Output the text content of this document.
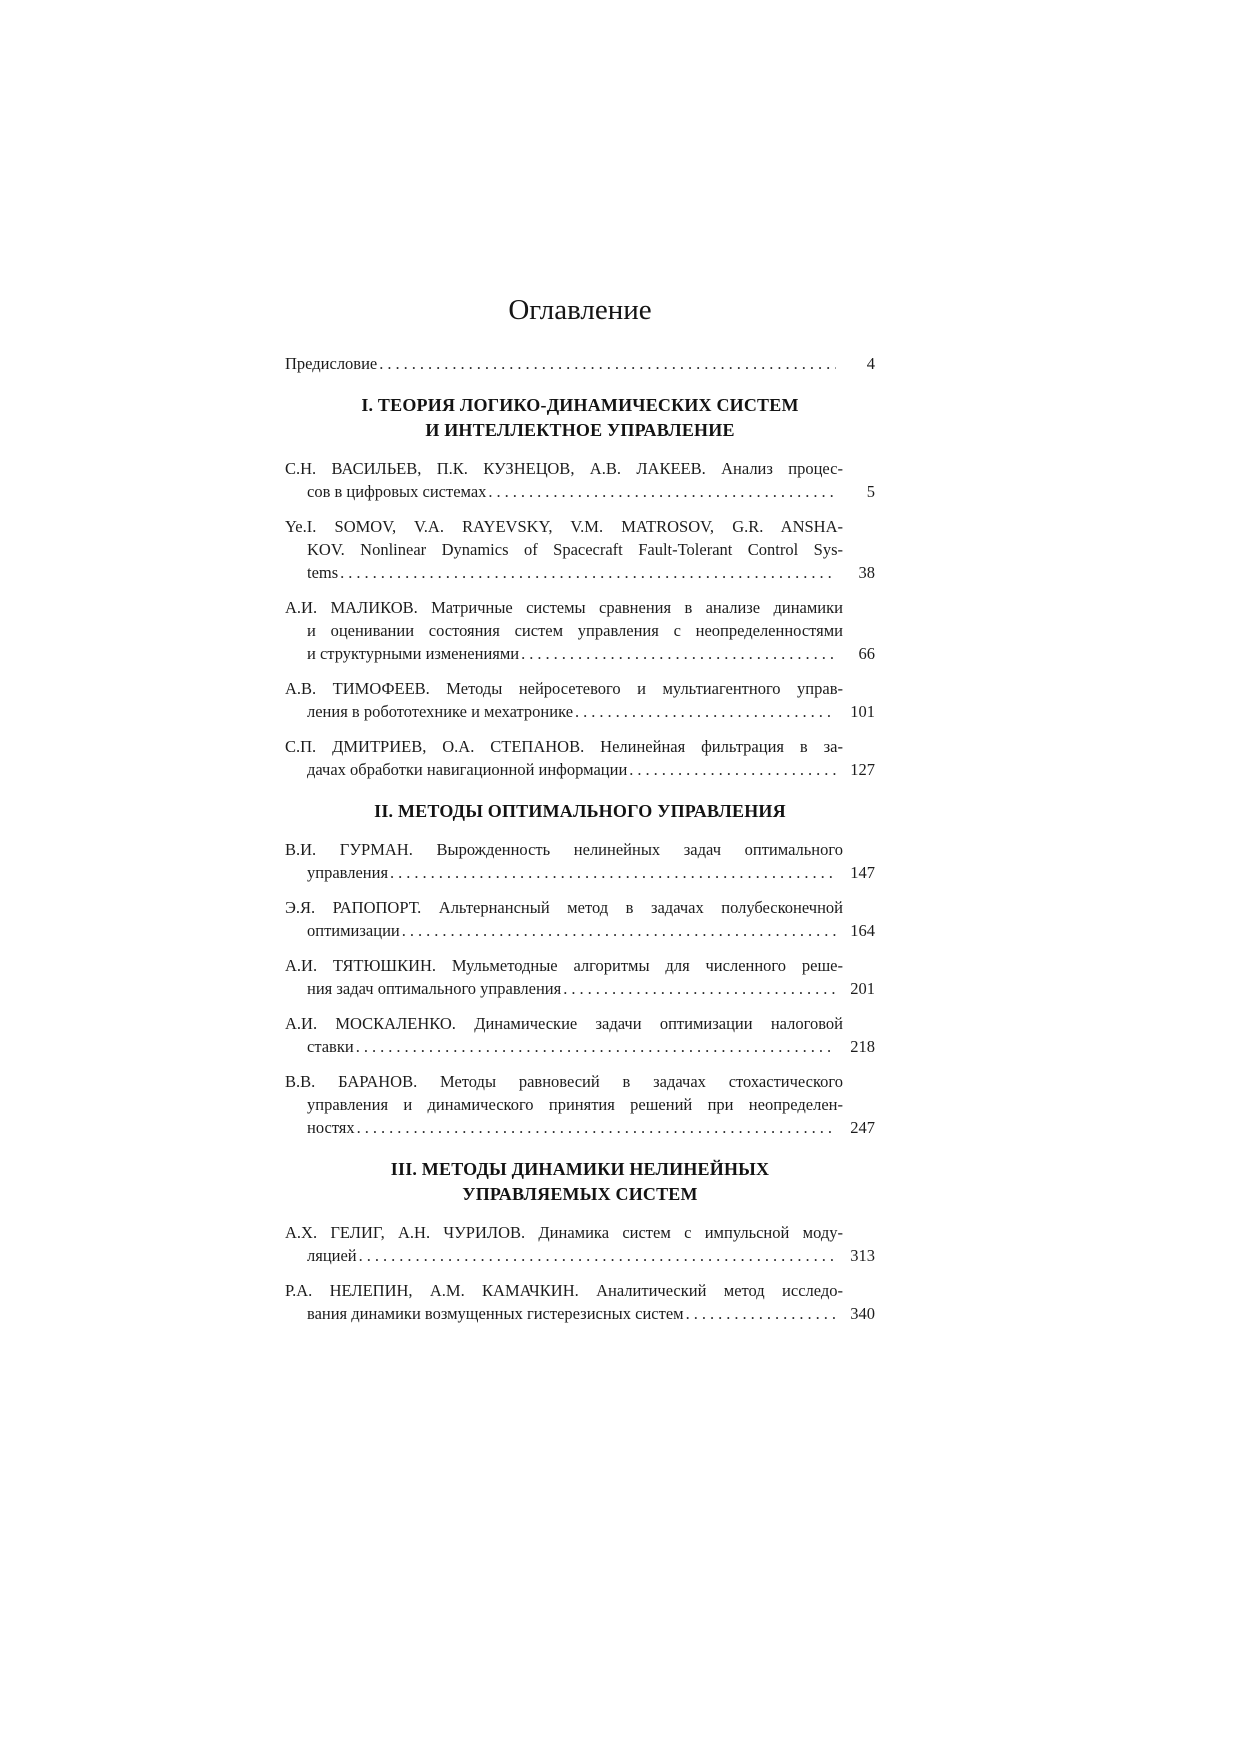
Оглавление
Предисловие .....	4
I. ТЕОРИЯ ЛОГИКО-ДИНАМИЧЕСКИХ СИСТЕМ
И ИНТЕЛЛЕКТНОЕ УПРАВЛЕНИЕ
С.Н. ВАСИЛЬЕВ, П.К. КУЗНЕЦОВ, А.В. ЛАКЕЕВ. Анализ процес-
сов в цифровых системах .....	5
Ye.I. SOMOV, V.A. RAYEVSKY, V.M. MATROSOV, G.R. ANSHA-
KOV. Nonlinear Dynamics of Spacecraft Fault-Tolerant Control Sys-
tems .....	38
А.И. МАЛИКОВ. Матричные системы сравнения в анализе динамики
и оценивании состояния систем управления с неопределенностями
и структурными изменениями .....	66
А.В. ТИМОФЕЕВ. Методы нейросетевого и мультиагентного управ-
ления в робототехнике и мехатронике .....	101
С.П. ДМИТРИЕВ, О.А. СТЕПАНОВ. Нелинейная фильтрация в за-
дачах обработки навигационной информации .....	127
II. МЕТОДЫ ОПТИМАЛЬНОГО УПРАВЛЕНИЯ
В.И. ГУРМАН. Вырожденность нелинейных задач оптимального
управления .....	147
Э.Я. РАПОПОРТ. Альтернансный метод в задачах полубесконечной
оптимизации .....	164
А.И. ТЯТЮШКИН. Мульметодные алгоритмы для численного реше-
ния задач оптимального управления .....	201
А.И. МОСКАЛЕНКО. Динамические задачи оптимизации налоговой
ставки .....	218
В.В. БАРАНОВ. Методы равновесий в задачах стохастического
управления и динамического принятия решений при неопределен-
ностях .....	247
III. МЕТОДЫ ДИНАМИКИ НЕЛИНЕЙНЫХ
УПРАВЛЯЕМЫХ СИСТЕМ
А.Х. ГЕЛИГ, А.Н. ЧУРИЛОВ. Динамика систем с импульсной моду-
ляцией .....	313
Р.А. НЕЛЕПИН, А.М. КАМАЧКИН. Аналитический метод исследо-
вания динамики возмущенных гистерезисных систем .....	340
